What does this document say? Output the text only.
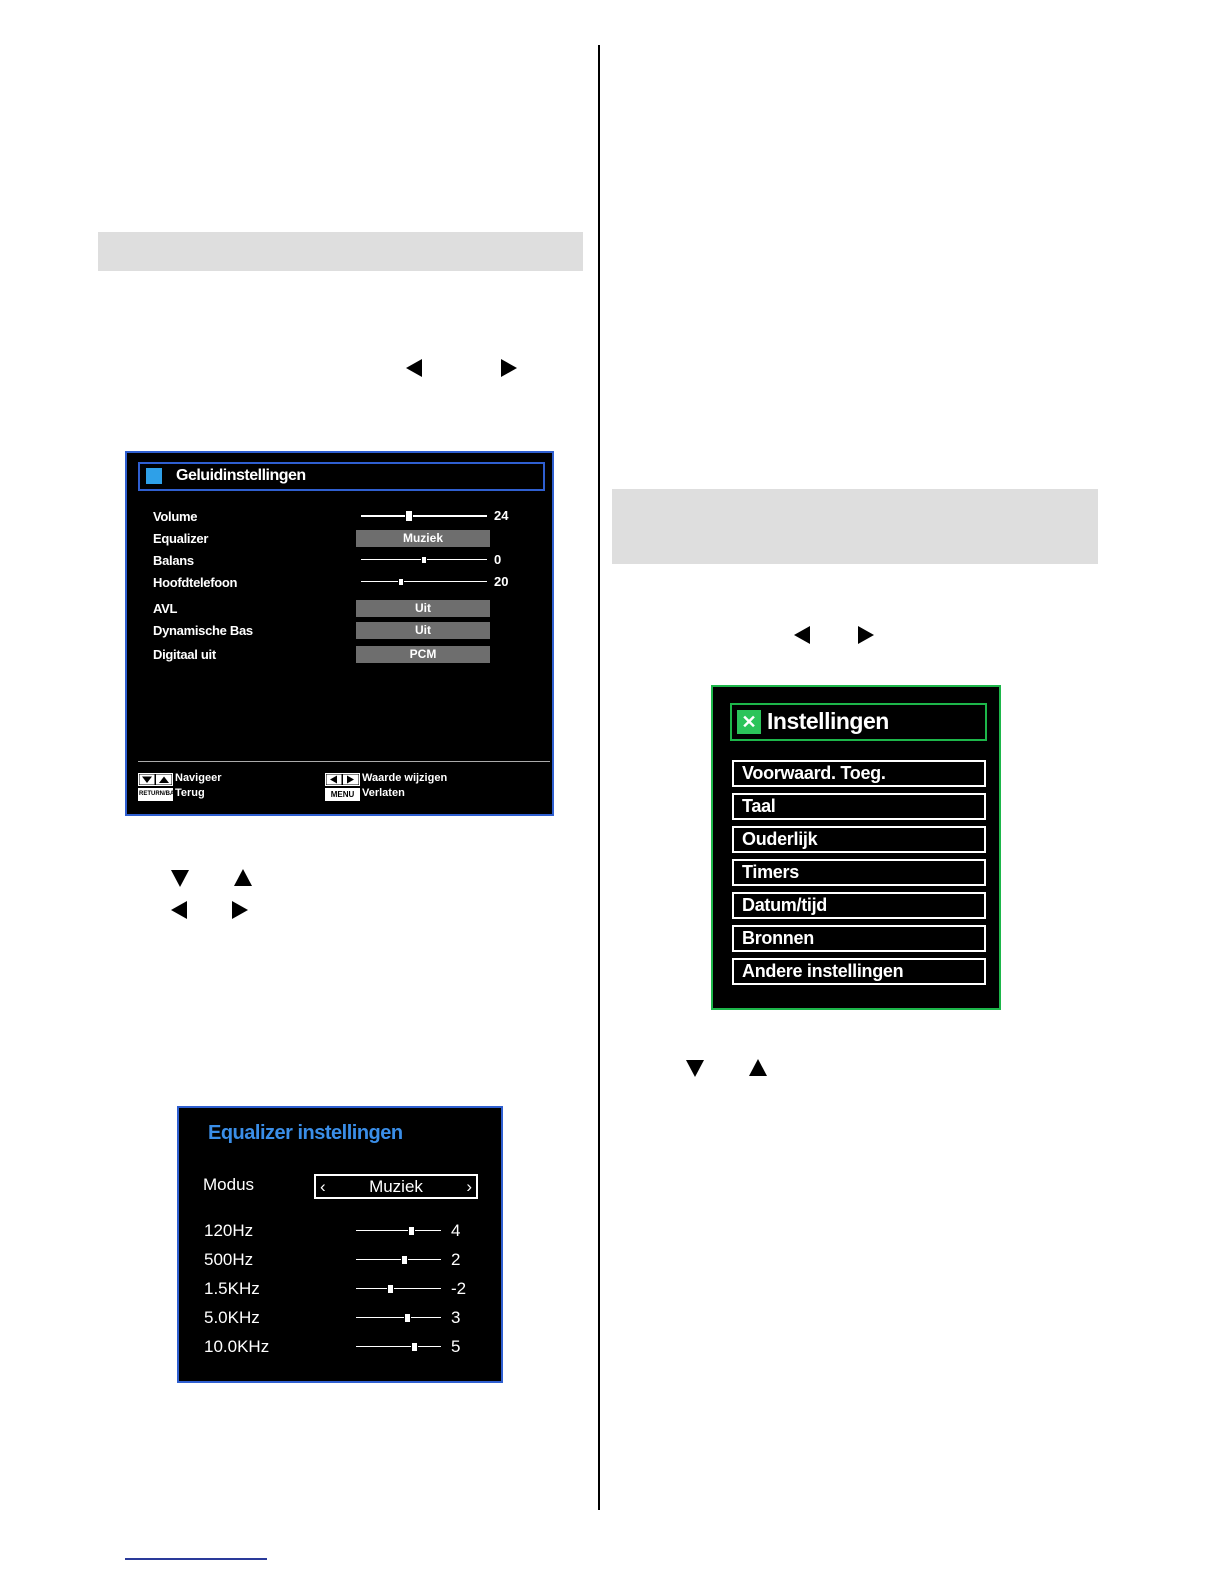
Geluidinstellingen
Volume	24
Equalizer	Muziek
Balans	0
Hoofdtelefoon	20
AVL	Uit
Dynamische Bas	Uit
Digitaal uit	PCM
Navigeer
RETURN/BACK
Terug
Waarde wijzigen
MENU Verlaten
Equalizer instellingen
Modus	‹	Muziek	›
120Hz	4
500Hz	2
1.5KHz	-2
5.0KHz	3
10.0KHz	5
✕ Instellingen
Voorwaard. Toeg.
Taal
Ouderlijk
Timers
Datum/tijd
Bronnen
Andere instellingen
